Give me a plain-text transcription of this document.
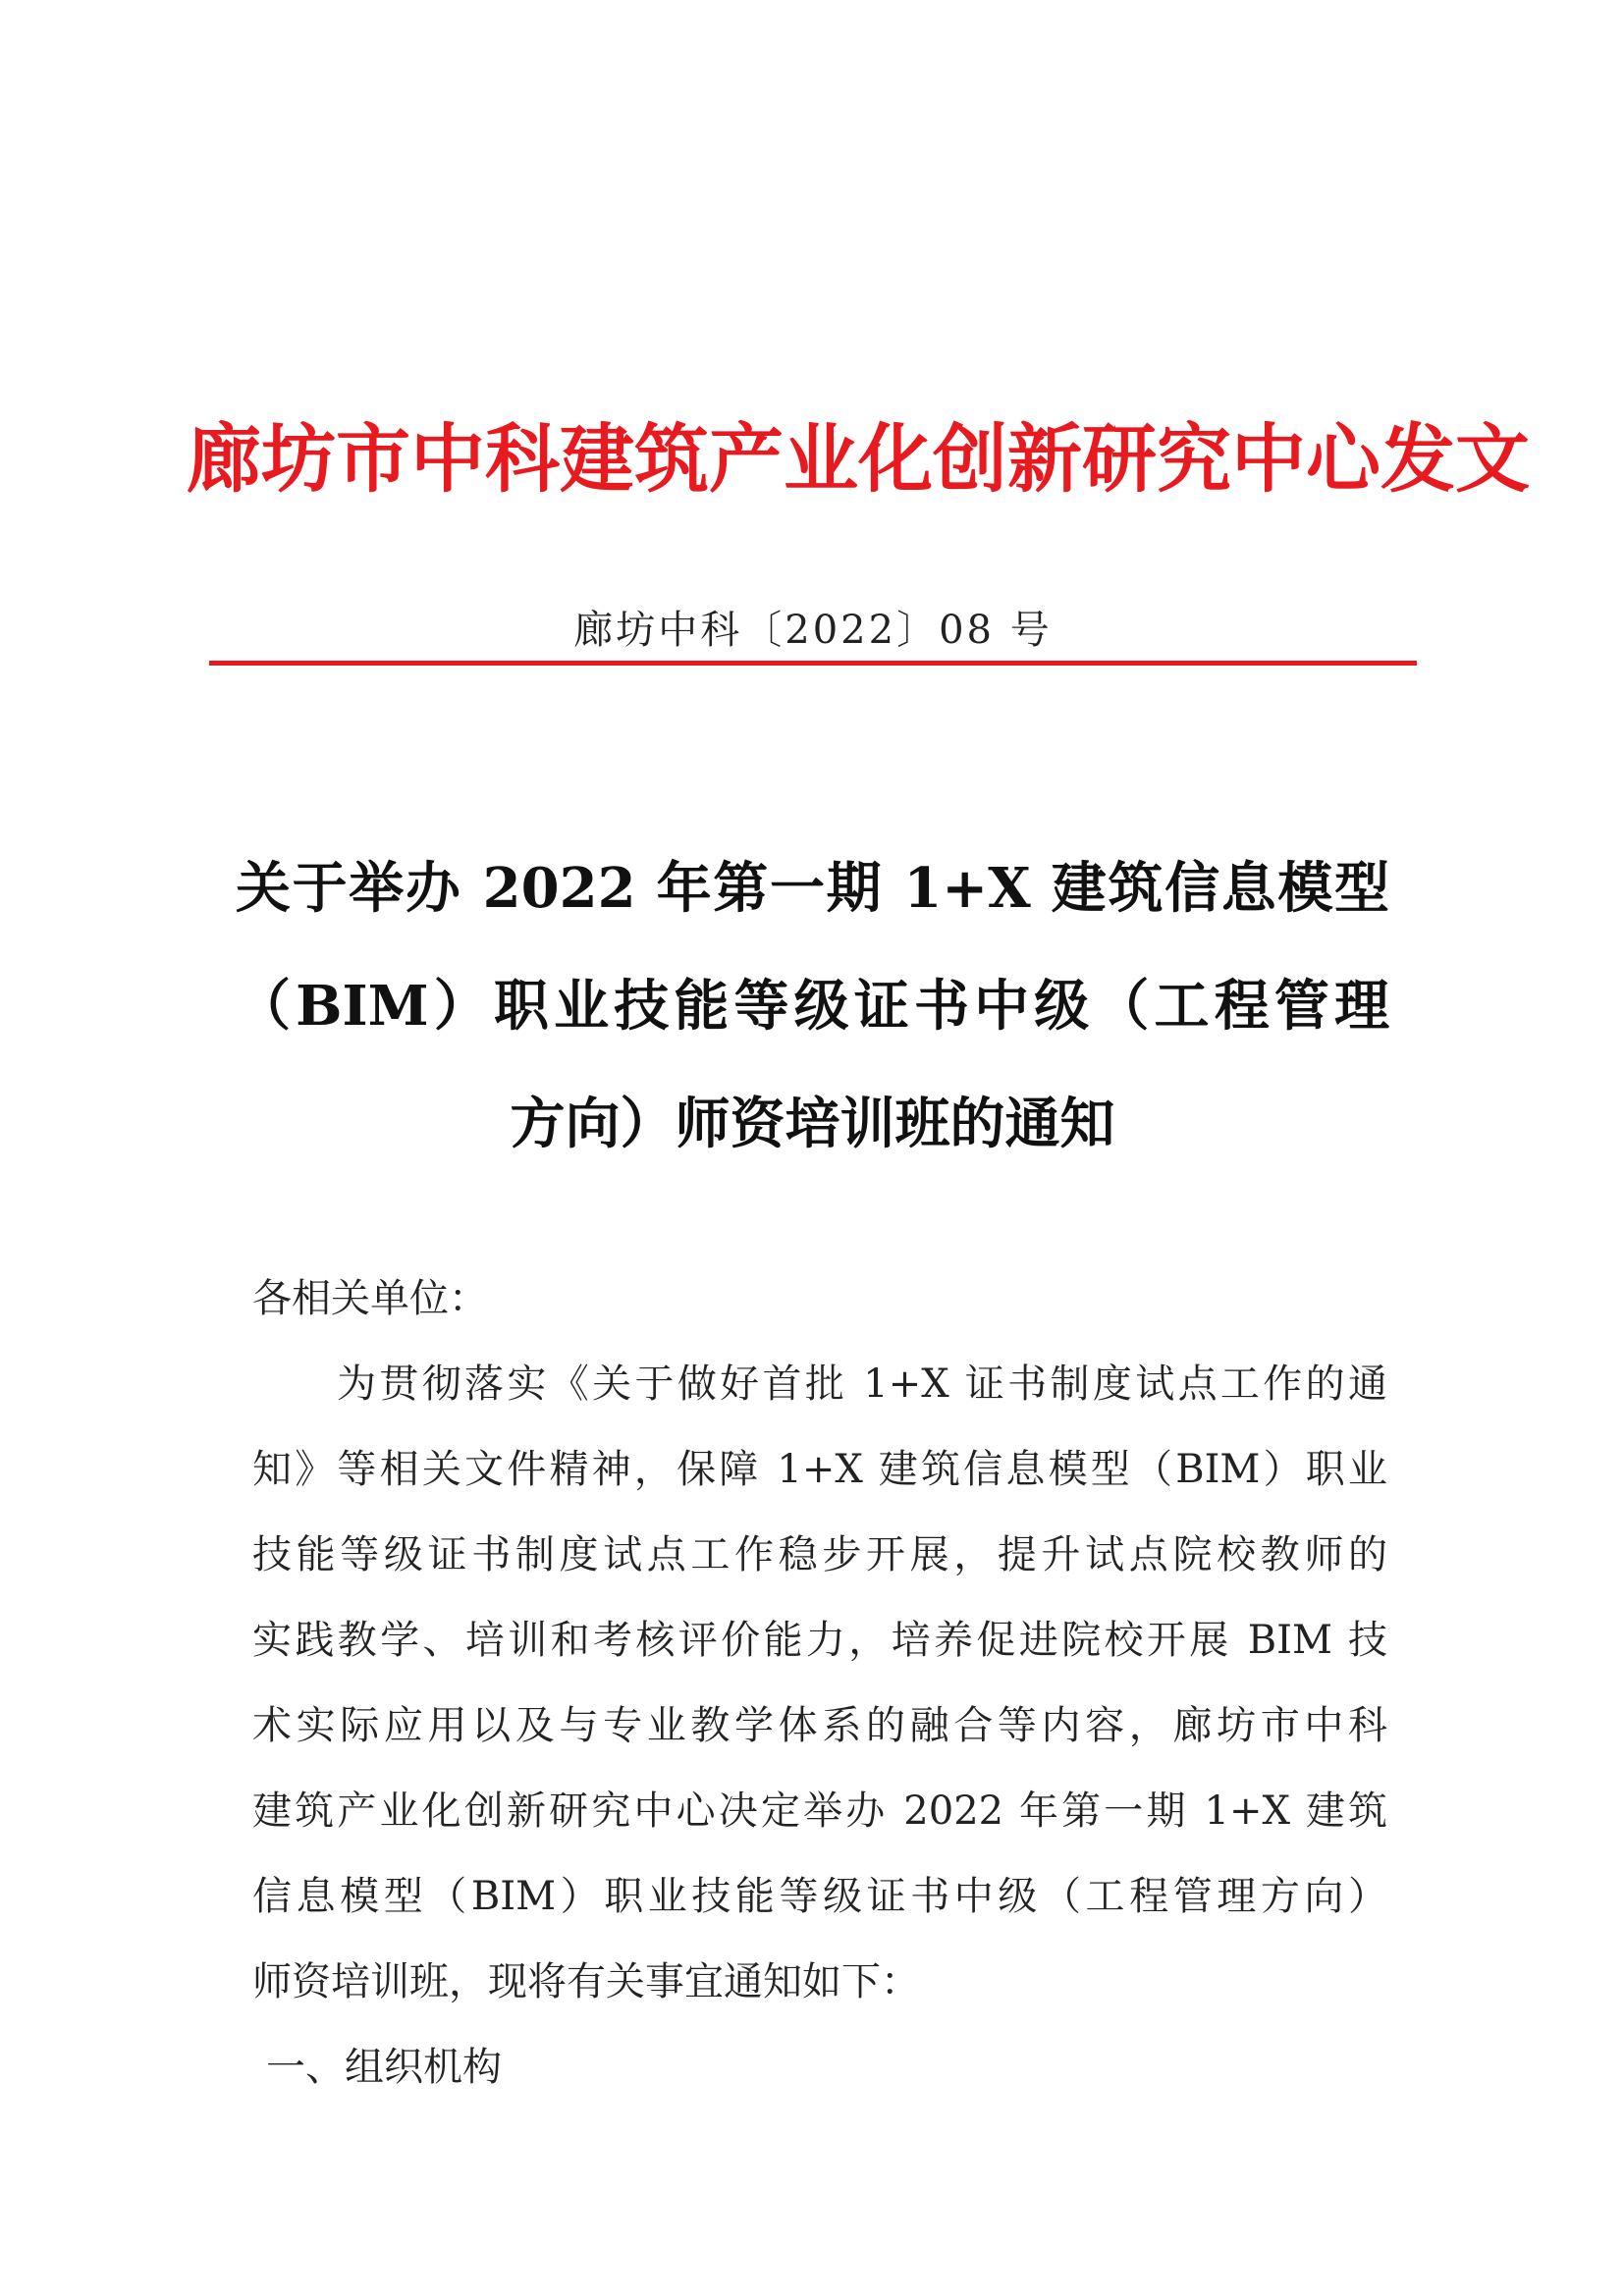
廊坊市中科建筑产业化创新研究中心发文
廊坊中科〔2022〕08 号
关于举办 2022 年第一期 1+X 建筑信息模型
（BIM）职业技能等级证书中级（工程管理
方向）师资培训班的通知
各相关单位：
为贯彻落实《关于做好首批 1+X 证书制度试点工作的通
知》等相关文件精神，保障 1+X 建筑信息模型（BIM）职业
技能等级证书制度试点工作稳步开展，提升试点院校教师的
实践教学、培训和考核评价能力，培养促进院校开展 BIM 技
术实际应用以及与专业教学体系的融合等内容，廊坊市中科
建筑产业化创新研究中心决定举办 2022 年第一期 1+X 建筑
信息模型（BIM）职业技能等级证书中级（工程管理方向）
师资培训班，现将有关事宜通知如下：
一、组织机构
